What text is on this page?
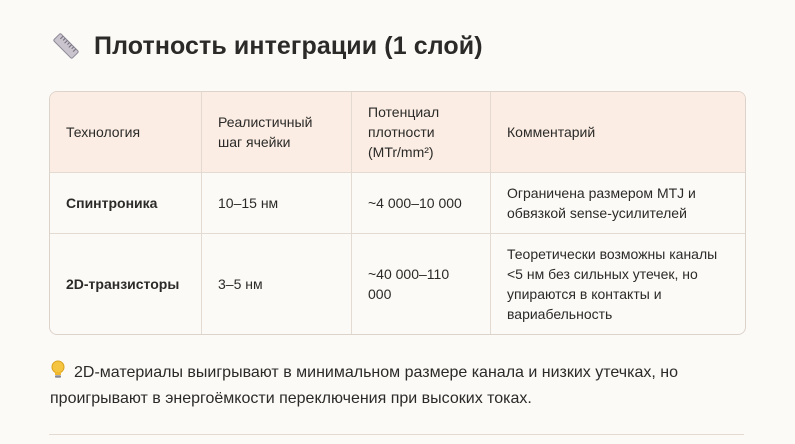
Плотность интеграции (1 слой)
Технология	Реалистичный шаг ячейки	Потенциал плотности (MTr/mm²)	Комментарий
Спинтроника	10–15 нм	~4 000–10 000	Ограничена размером MTJ и обвязкой sense-усилителей
2D-транзисторы	3–5 нм	~40 000–110 000	Теоретически возможны каналы <5 нм без сильных утечек, но упираются в контакты и вариабельность
2D-материалы выигрывают в минимальном размере канала и низких утечках, но проигрывают в энергоёмкости переключения при высоких токах.
